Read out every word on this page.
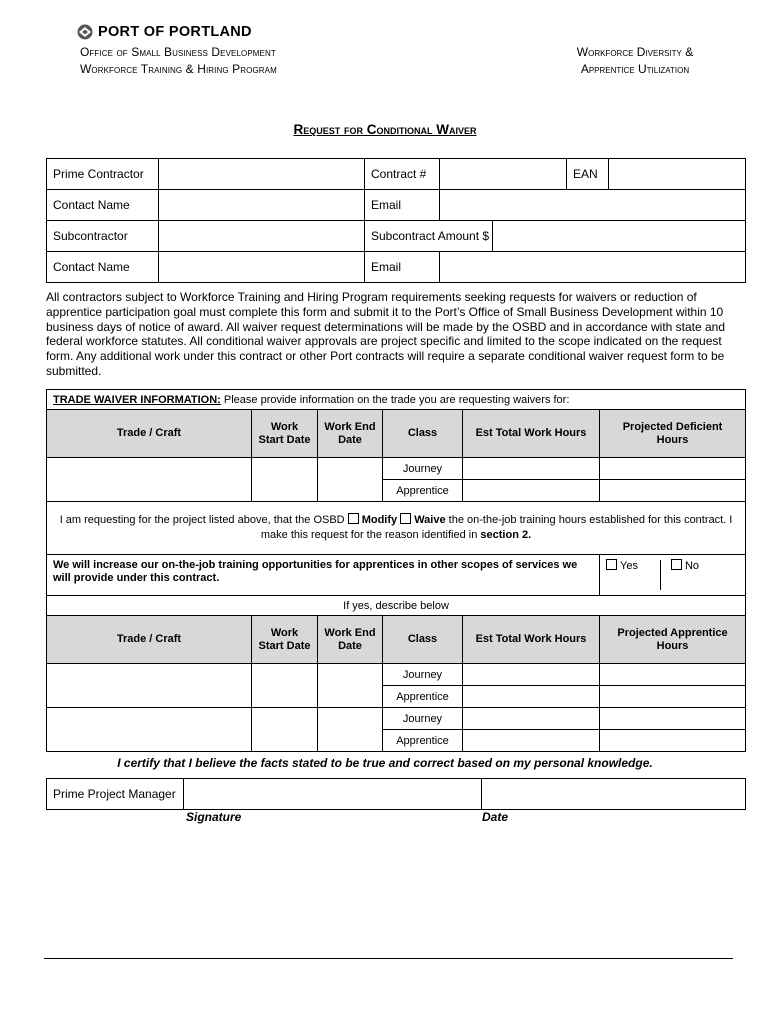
PORT OF PORTLAND
Office of Small Business Development
Workforce Training & Hiring Program
Workforce Diversity &
Apprentice Utilization
Request for Conditional Waiver
Prime Contractor		Contract #			EAN	
Contact Name		Email				
Subcontractor		Subcontract Amount $				
Contact Name		Email				
All contractors subject to Workforce Training and Hiring Program requirements seeking requests for waivers or reduction of apprentice participation goal must complete this form and submit it to the Port’s Office of Small Business Development within 10 business days of notice of award. All waiver request determinations will be made by the OSBD and in accordance with state and federal workforce statutes. All conditional waiver approvals are project specific and limited to the scope indicated on the request form. Any additional work under this contract or other Port contracts will require a separate conditional waiver request form to be submitted.
TRADE WAIVER INFORMATION: Please provide information on the trade you are requesting waivers for:					
Trade / Craft	Work Start Date	Work End Date	Class	Est Total Work Hours	Projected Deficient Hours
			Journey		
			Apprentice		
I am requesting for the project listed above, that the OSBD Modify Waive the on-the-job training hours established for this contract. I make this request for the reason identified in section 2.					
We will increase our on-the-job training opportunities for apprentices in other scopes of services we will provide under this contract.					Yes No
If yes, describe below					
Trade / Craft	Work Start Date	Work End Date	Class	Est Total Work Hours	Projected Apprentice Hours
			Journey		
			Apprentice		
			Journey		
			Apprentice		
I certify that I believe the facts stated to be true and correct based on my personal knowledge.
Prime Project Manager		
Signature	Date
